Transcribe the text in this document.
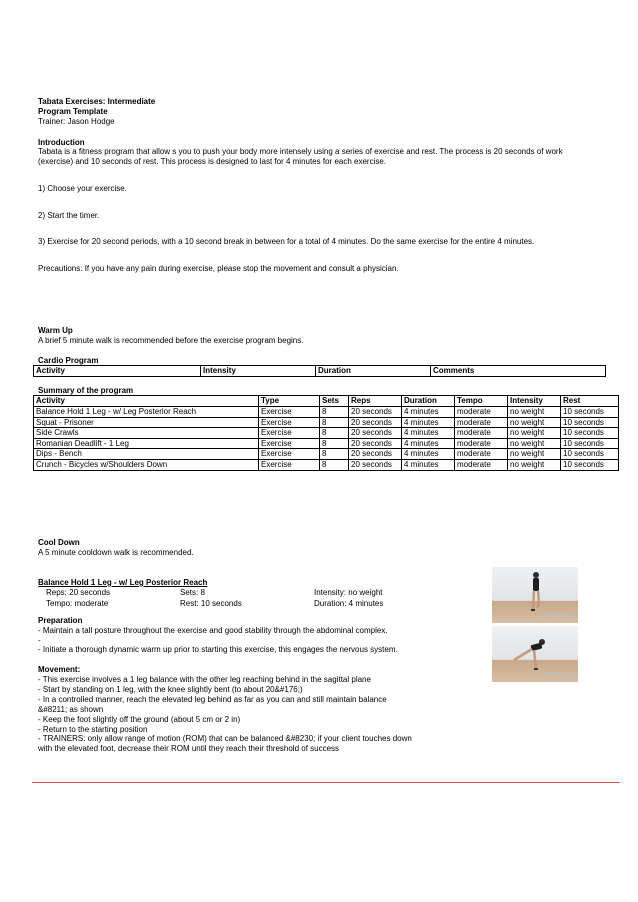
Tabata Exercises: Intermediate
Program Template
Trainer: Jason Hodge
Introduction
Tabata is a fitness program that allow s you to push your body more intensely using a series of exercise and rest. The process is 20 seconds of work (exercise) and 10 seconds of rest. This process is designed to last for 4 minutes for each exercise.
1) Choose your exercise.
2) Start the timer.
3) Exercise for 20 second periods, with a 10 second break in between for a total of 4 minutes. Do the same exercise for the entire 4 minutes.
Precautions: If you have any pain during exercise, please stop the movement and consult a physician.
Warm Up
A brief 5 minute walk is recommended before the exercise program begins.
Cardio Program
Activity	Intensity	Duration	Comments
Summary of the program
Activity	Type	Sets	Reps	Duration	Tempo	Intensity	Rest
Balance Hold 1 Leg - w/ Leg Posterior Reach	Exercise	8	20 seconds	4 minutes	moderate	no weight	10 seconds
Squat - Prisoner	Exercise	8	20 seconds	4 minutes	moderate	no weight	10 seconds
Side Crawls	Exercise	8	20 seconds	4 minutes	moderate	no weight	10 seconds
Romanian Deadlift - 1 Leg	Exercise	8	20 seconds	4 minutes	moderate	no weight	10 seconds
Dips - Bench	Exercise	8	20 seconds	4 minutes	moderate	no weight	10 seconds
Crunch - Bicycles w/Shoulders Down	Exercise	8	20 seconds	4 minutes	moderate	no weight	10 seconds
Cool Down
A 5 minute cooldown walk is recommended.
Balance Hold 1 Leg - w/ Leg Posterior Reach
Reps: 20 seconds	Sets: 8	Intensity: no weight
Tempo: moderate	Rest: 10 seconds	Duration: 4 minutes
Preparation
- Maintain a tall posture throughout the exercise and good stability through the abdominal complex.
-
- Initiate a thorough dynamic warm up prior to starting this exercise, this engages the nervous system.
Movement:
- This exercise involves a 1 leg balance with the other leg reaching behind in the sagittal plane
- Start by standing on 1 leg, with the knee slightly bent (to about 20&#176;)
- In a controlled manner, reach the elevated leg behind as far as you can and still maintain balance
&#8211; as shown
- Keep the foot slightly off the ground (about 5 cm or 2 in)
- Return to the starting position
- TRAINERS: only allow range of motion (ROM) that can be balanced &#8230; if your client touches down
with the elevated foot, decrease their ROM until they reach their threshold of success
PTonthenet.com
PTonthenet.com
